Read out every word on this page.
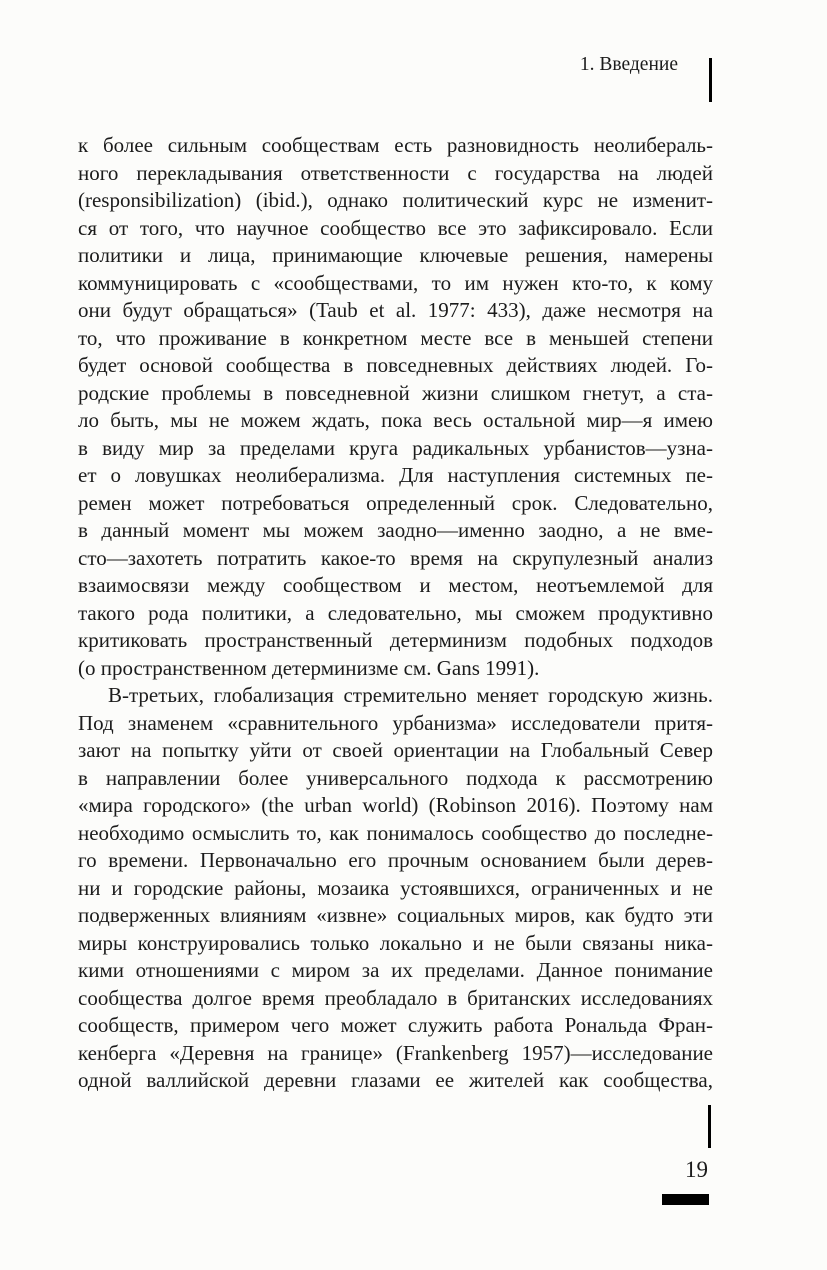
1. Введение
к более сильным сообществам есть разновидность неолибераль-
ного перекладывания ответственности с государства на людей
(responsibilization) (ibid.), однако политический курс не изменит-
ся от того, что научное сообщество все это зафиксировало. Если
политики и лица, принимающие ключевые решения, намерены
коммуницировать с «сообществами, то им нужен кто-то, к кому
они будут обращаться» (Taub et al. 1977: 433), даже несмотря на
то, что проживание в конкретном месте все в меньшей степени
будет основой сообщества в повседневных действиях людей. Го-
родские проблемы в повседневной жизни слишком гнетут, а ста-
ло быть, мы не можем ждать, пока весь остальной мир—я имею
в виду мир за пределами круга радикальных урбанистов—узна-
ет о ловушках неолиберализма. Для наступления системных пе-
ремен может потребоваться определенный срок. Следовательно,
в данный момент мы можем заодно—именно заодно, а не вме-
сто—захотеть потратить какое-то время на скрупулезный анализ
взаимосвязи между сообществом и местом, неотъемлемой для
такого рода политики, а следовательно, мы сможем продуктивно
критиковать пространственный детерминизм подобных подходов
(о пространственном детерминизме см. Gans 1991).
В-третьих, глобализация стремительно меняет городскую жизнь.
Под знаменем «сравнительного урбанизма» исследователи притя-
зают на попытку уйти от своей ориентации на Глобальный Север
в направлении более универсального подхода к рассмотрению
«мира городского» (the urban world) (Robinson 2016). Поэтому нам
необходимо осмыслить то, как понималось сообщество до последне-
го времени. Первоначально его прочным основанием были дерев-
ни и городские районы, мозаика устоявшихся, ограниченных и не
подверженных влияниям «извне» социальных миров, как будто эти
миры конструировались только локально и не были связаны ника-
кими отношениями с миром за их пределами. Данное понимание
сообщества долгое время преобладало в британских исследованиях
сообществ, примером чего может служить работа Рональда Фран-
кенберга «Деревня на границе» (Frankenberg 1957)—исследование
одной валлийской деревни глазами ее жителей как сообщества,
19
